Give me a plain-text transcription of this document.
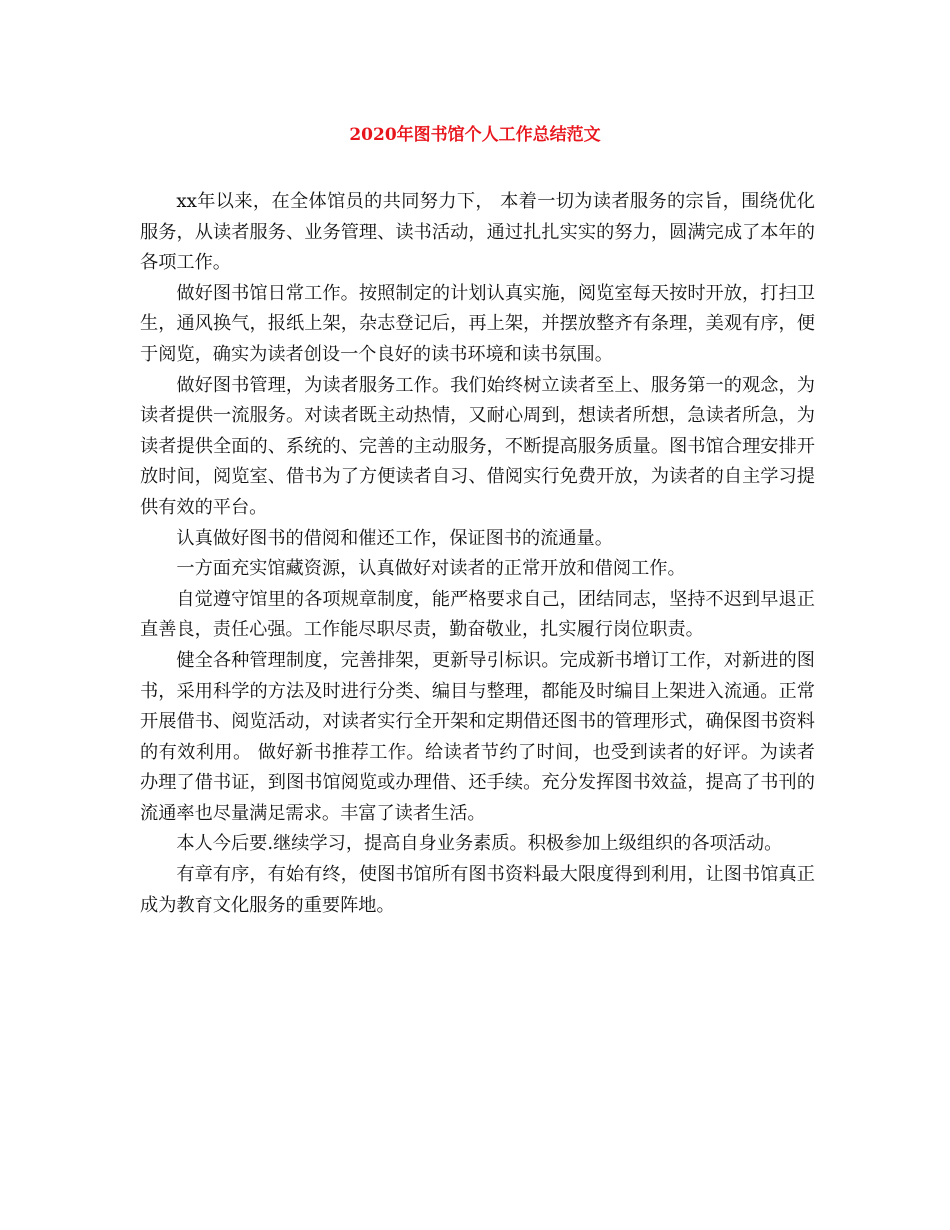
2020年图书馆个人工作总结范文

xx年以来，在全体馆员的共同努力下， 本着一切为读者服务的宗旨，围绕优化服务，从读者服务、业务管理、读书活动，通过扎扎实实的努力，圆满完成了本年的各项工作。

做好图书馆日常工作。按照制定的计划认真实施，阅览室每天按时开放，打扫卫生，通风换气，报纸上架，杂志登记后，再上架，并摆放整齐有条理，美观有序，便于阅览，确实为读者创设一个良好的读书环境和读书氛围。

做好图书管理，为读者服务工作。我们始终树立读者至上、服务第一的观念，为读者提供一流服务。对读者既主动热情，又耐心周到，想读者所想，急读者所急，为读者提供全面的、系统的、完善的主动服务，不断提高服务质量。图书馆合理安排开放时间，阅览室、借书为了方便读者自习、借阅实行免费开放，为读者的自主学习提供有效的平台。

认真做好图书的借阅和催还工作，保证图书的流通量。

一方面充实馆藏资源，认真做好对读者的正常开放和借阅工作。

自觉遵守馆里的各项规章制度，能严格要求自己，团结同志，坚持不迟到早退正直善良，责任心强。工作能尽职尽责，勤奋敬业，扎实履行岗位职责。

健全各种管理制度，完善排架，更新导引标识。完成新书增订工作，对新进的图书，采用科学的方法及时进行分类、编目与整理，都能及时编目上架进入流通。正常开展借书、阅览活动，对读者实行全开架和定期借还图书的管理形式，确保图书资料的有效利用。 做好新书推荐工作。给读者节约了时间，也受到读者的好评。为读者办理了借书证，到图书馆阅览或办理借、还手续。充分发挥图书效益，提高了书刊的流通率也尽量满足需求。丰富了读者生活。

本人今后要.继续学习，提高自身业务素质。积极参加上级组织的各项活动。

有章有序，有始有终，使图书馆所有图书资料最大限度得到利用，让图书馆真正成为教育文化服务的重要阵地。
